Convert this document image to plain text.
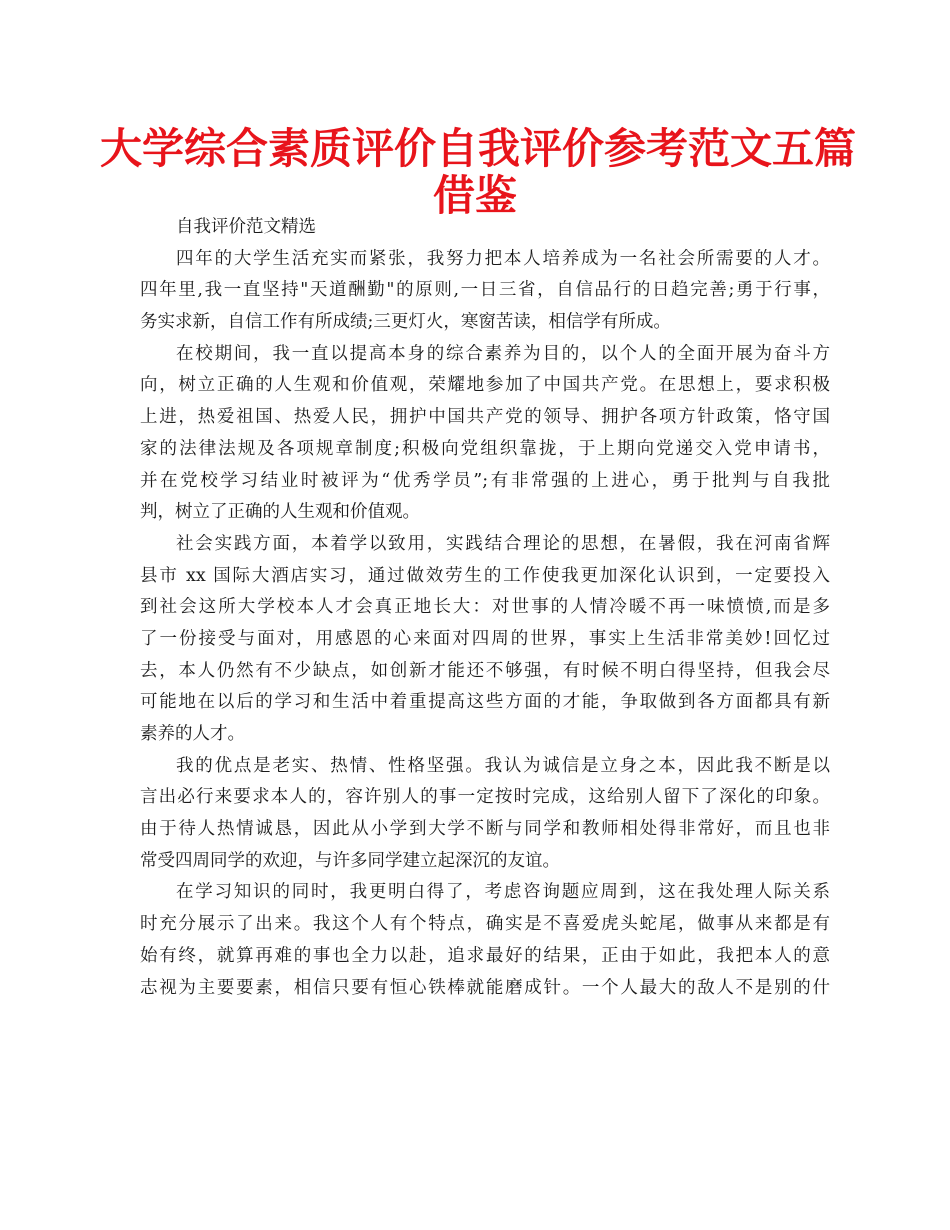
大学综合素质评价自我评价参考范文五篇
借鉴
自我评价范文精选
四年的大学生活充实而紧张，我努力把本人培养成为一名社会所需要的人才。
四年里,我一直坚持"天道酬勤"的原则,一日三省，自信品行的日趋完善;勇于行事，
务实求新，自信工作有所成绩;三更灯火，寒窗苦读，相信学有所成。
在校期间，我一直以提高本身的综合素养为目的，以个人的全面开展为奋斗方
向，树立正确的人生观和价值观，荣耀地参加了中国共产党。在思想上，要求积极
上进，热爱祖国、热爱人民，拥护中国共产党的领导、拥护各项方针政策，恪守国
家的法律法规及各项规章制度;积极向党组织靠拢，于上期向党递交入党申请书，
并在党校学习结业时被评为“优秀学员”;有非常强的上进心，勇于批判与自我批
判，树立了正确的人生观和价值观。
社会实践方面，本着学以致用，实践结合理论的思想，在暑假，我在河南省辉
县市 xx 国际大酒店实习，通过做效劳生的工作使我更加深化认识到，一定要投入
到社会这所大学校本人才会真正地长大：对世事的人情冷暖不再一味愤愤,而是多
了一份接受与面对，用感恩的心来面对四周的世界，事实上生活非常美妙!回忆过
去，本人仍然有不少缺点，如创新才能还不够强，有时候不明白得坚持，但我会尽
可能地在以后的学习和生活中着重提高这些方面的才能，争取做到各方面都具有新
素养的人才。
我的优点是老实、热情、性格坚强。我认为诚信是立身之本，因此我不断是以
言出必行来要求本人的，容许别人的事一定按时完成，这给别人留下了深化的印象。
由于待人热情诚恳，因此从小学到大学不断与同学和教师相处得非常好，而且也非
常受四周同学的欢迎，与许多同学建立起深沉的友谊。
在学习知识的同时，我更明白得了，考虑咨询题应周到，这在我处理人际关系
时充分展示了出来。我这个人有个特点，确实是不喜爱虎头蛇尾，做事从来都是有
始有终，就算再难的事也全力以赴，追求最好的结果，正由于如此，我把本人的意
志视为主要要素，相信只要有恒心铁棒就能磨成针。一个人最大的敌人不是别的什
